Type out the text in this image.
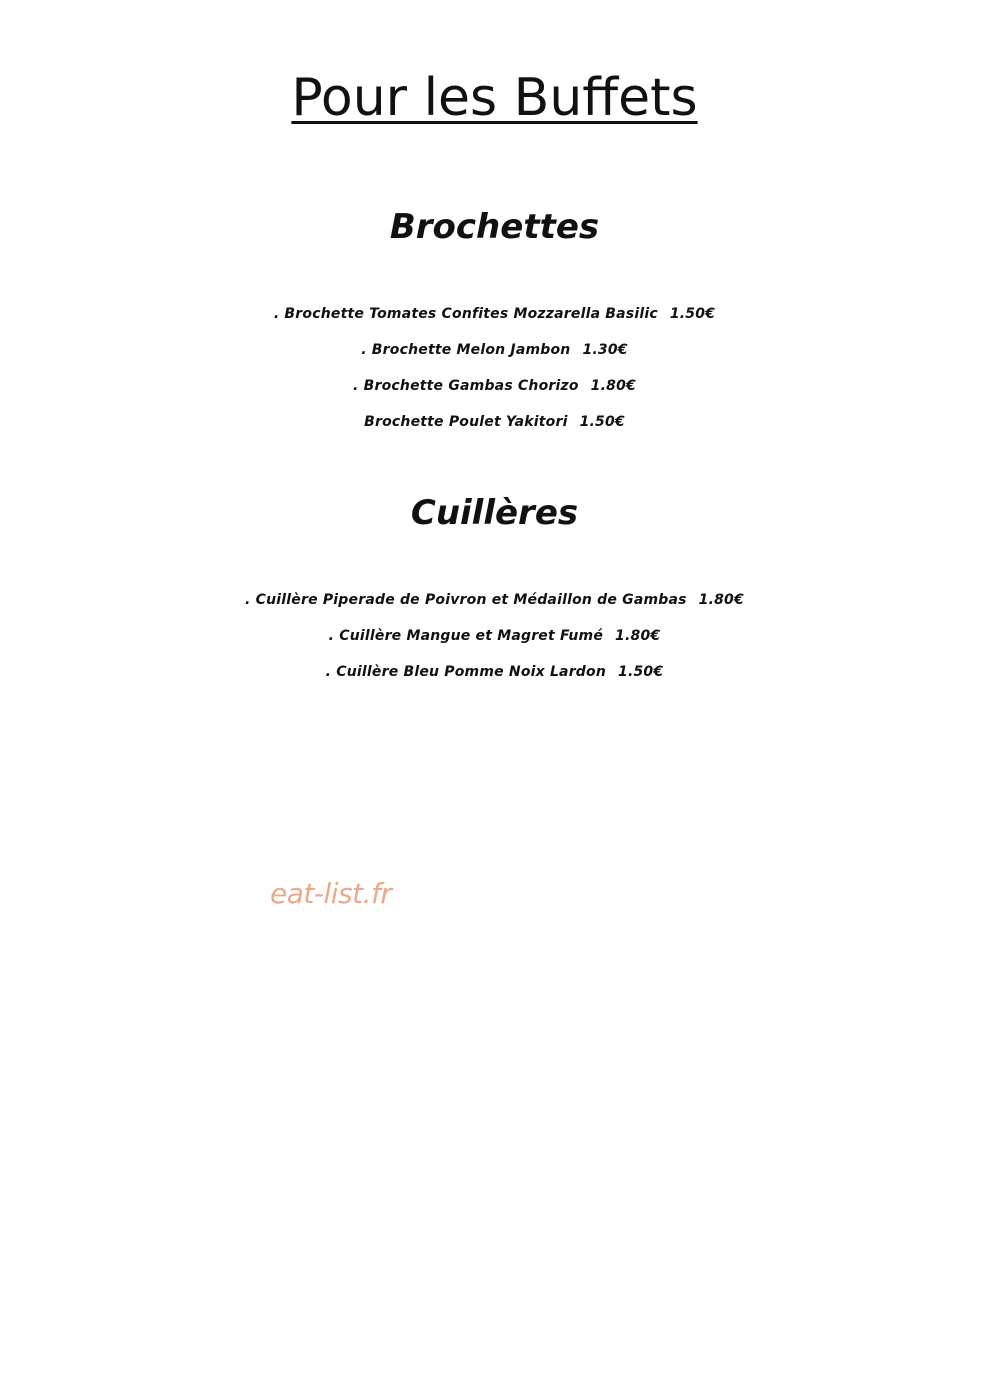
Pour les Buffets
Brochettes
. Brochette Tomates Confites Mozzarella Basilic 1.50€
. Brochette Melon Jambon 1.30€
. Brochette Gambas Chorizo 1.80€
Brochette Poulet Yakitori 1.50€
Cuillères
. Cuillère Piperade de Poivron et Médaillon de Gambas 1.80€
. Cuillère Mangue et Magret Fumé 1.80€
. Cuillère Bleu Pomme Noix Lardon 1.50€
eat-list.fr
